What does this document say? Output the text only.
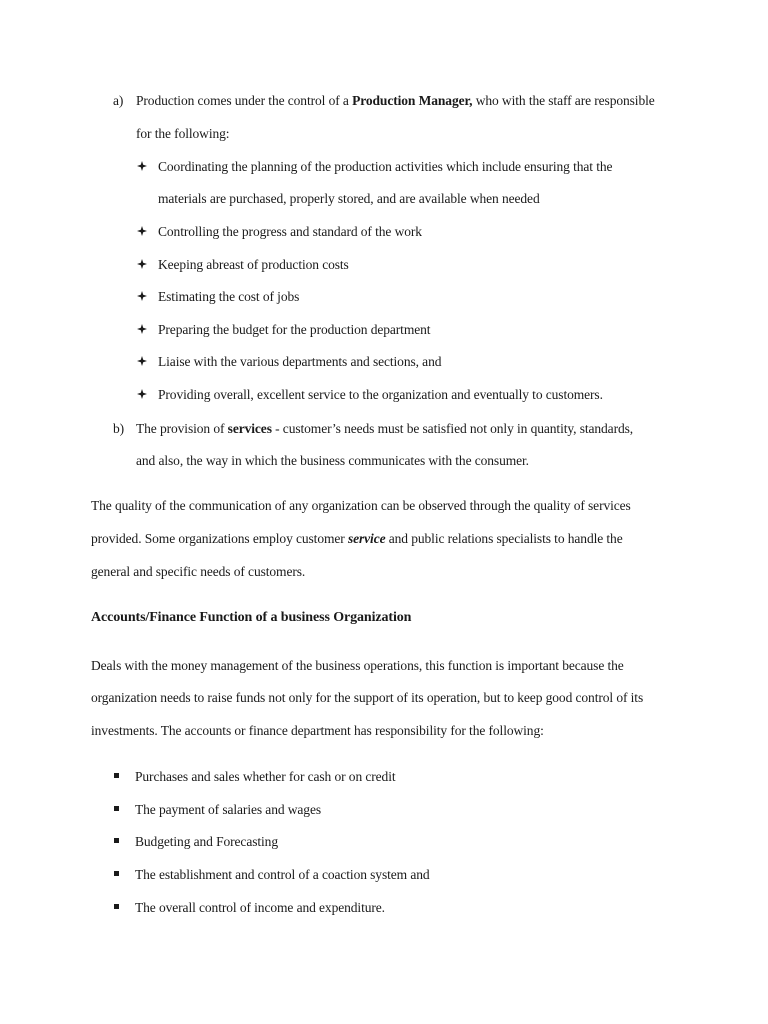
a) Production comes under the control of a Production Manager, who with the staff are responsible
for the following:
Coordinating the planning of the production activities which include ensuring that the
materials are purchased, properly stored, and are available when needed
Controlling the progress and standard of the work
Keeping abreast of production costs
Estimating the cost of jobs
Preparing the budget for the production department
Liaise with the various departments and sections, and
Providing overall, excellent service to the organization and eventually to customers.
b) The provision of services - customer’s needs must be satisfied not only in quantity, standards,
and also, the way in which the business communicates with the consumer.
The quality of the communication of any organization can be observed through the quality of services
provided. Some organizations employ customer service and public relations specialists to handle the
general and specific needs of customers.
Accounts/Finance Function of a business Organization
Deals with the money management of the business operations, this function is important because the
organization needs to raise funds not only for the support of its operation, but to keep good control of its
investments. The accounts or finance department has responsibility for the following:
Purchases and sales whether for cash or on credit
The payment of salaries and wages
Budgeting and Forecasting
The establishment and control of a coaction system and
The overall control of income and expenditure.
